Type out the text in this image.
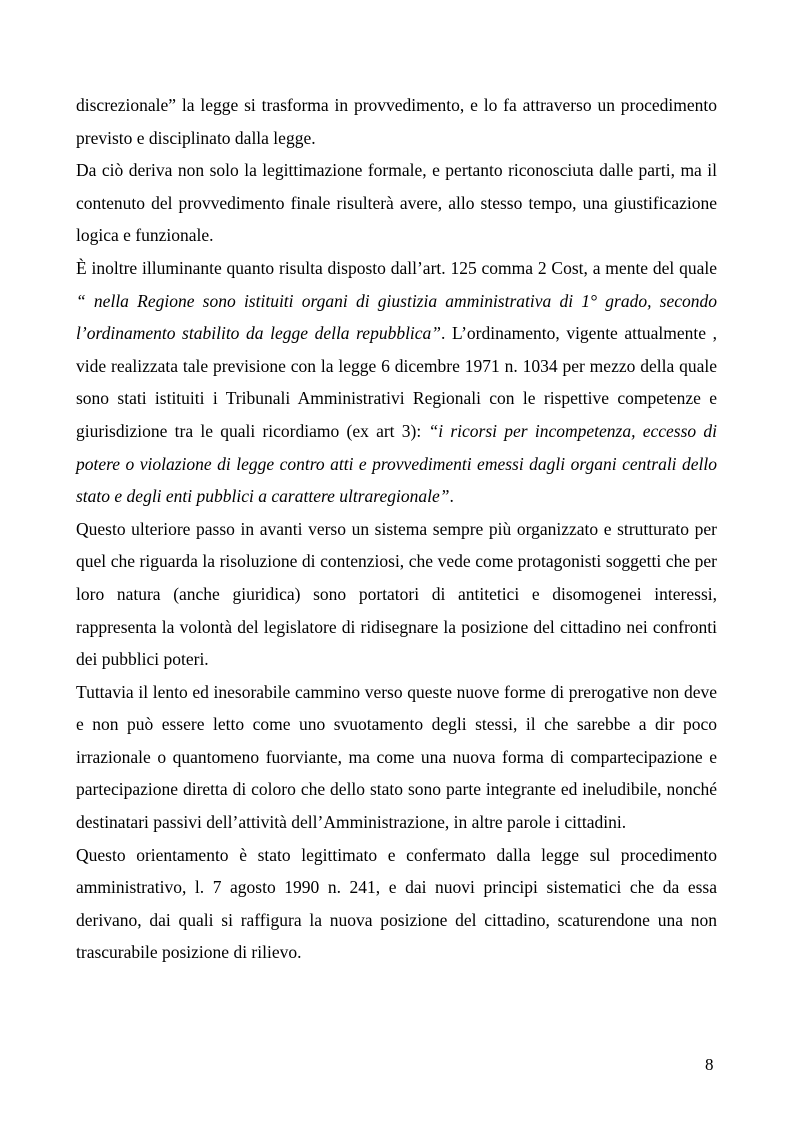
discrezionale” la legge si trasforma in provvedimento, e lo fa attraverso un procedimento previsto e disciplinato dalla legge.

Da ciò deriva non solo la legittimazione formale, e pertanto riconosciuta dalle parti, ma il contenuto del provvedimento finale risulterà avere, allo stesso tempo, una giustificazione logica e funzionale.

È inoltre illuminante quanto risulta disposto dall’art. 125 comma 2 Cost, a mente del quale “ nella Regione sono istituiti organi di giustizia amministrativa di 1° grado, secondo l’ordinamento stabilito da legge della repubblica”. L’ordinamento, vigente attualmente , vide realizzata tale previsione con la legge 6 dicembre 1971 n. 1034 per mezzo della quale sono stati istituiti i Tribunali Amministrativi Regionali con le rispettive competenze e giurisdizione tra le quali ricordiamo (ex art 3): “i ricorsi per incompetenza, eccesso di potere o violazione di legge contro atti e provvedimenti emessi dagli organi centrali dello stato e degli enti pubblici a carattere ultraregionale”.

Questo ulteriore passo in avanti verso un sistema sempre più organizzato e strutturato per quel che riguarda la risoluzione di contenziosi, che vede come protagonisti soggetti che per loro natura (anche giuridica) sono portatori di antitetici e disomogenei interessi, rappresenta la volontà del legislatore di ridisegnare la posizione del cittadino nei confronti dei pubblici poteri.

Tuttavia il lento ed inesorabile cammino verso queste nuove forme di prerogative non deve e non può essere letto come uno svuotamento degli stessi, il che sarebbe a dir poco irrazionale o quantomeno fuorviante, ma come una nuova forma di compartecipazione e partecipazione diretta di coloro che dello stato sono parte integrante ed ineludibile, nonché destinatari passivi dell’attività dell’Amministrazione, in altre parole i cittadini.

Questo orientamento è stato legittimato e confermato dalla legge sul procedimento amministrativo, l. 7 agosto 1990 n. 241, e dai nuovi principi sistematici che da essa derivano, dai quali si raffigura la nuova posizione del cittadino, scaturendone una non trascurabile posizione di rilievo.

8
